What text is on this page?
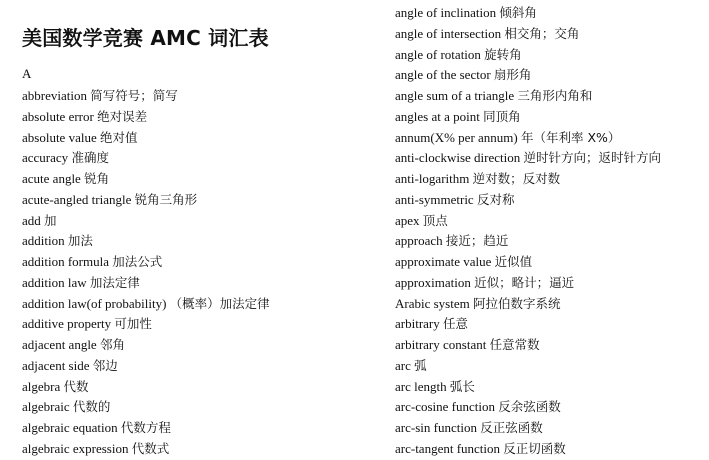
美国数学竞赛 AMC 词汇表
A
abbreviation 简写符号；简写
absolute error 绝对误差
absolute value 绝对值
accuracy 准确度
acute angle 锐角
acute-angled triangle 锐角三角形
add 加
addition 加法
addition formula 加法公式
addition law 加法定律
addition law(of probability) （概率）加法定律
additive property 可加性
adjacent angle 邻角
adjacent side 邻边
algebra 代数
algebraic 代数的
algebraic equation 代数方程
algebraic expression 代数式
angle of inclination 倾斜角
angle of intersection 相交角；交角
angle of rotation 旋转角
angle of the sector 扇形角
angle sum of a triangle 三角形内角和
angles at a point 同顶角
annum(X% per annum) 年（年利率 X%）
anti-clockwise direction 逆时针方向；返时针方向
anti-logarithm 逆对数；反对数
anti-symmetric 反对称
apex 顶点
approach 接近；趋近
approximate value 近似值
approximation 近似；略计；逼近
Arabic system 阿拉伯数字系统
arbitrary 任意
arbitrary constant 任意常数
arc 弧
arc length 弧长
arc-cosine function 反余弦函数
arc-sin function 反正弦函数
arc-tangent function 反正切函数
